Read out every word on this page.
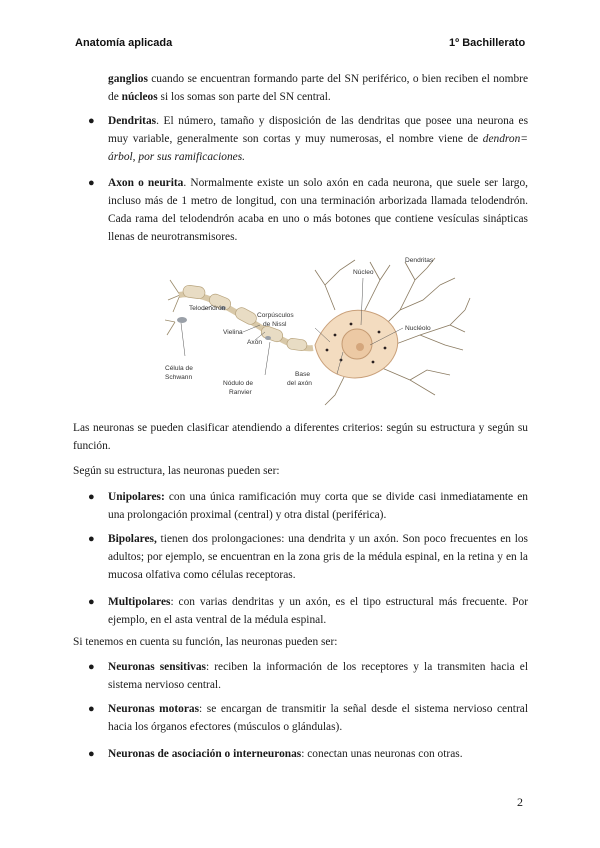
Anatomía aplicada	1º Bachillerato
ganglios cuando se encuentran formando parte del SN periférico, o bien reciben el nombre de núcleos si los somas son parte del SN central.
● Dendritas. El número, tamaño y disposición de las dendritas que posee una neurona es muy variable, generalmente son cortas y muy numerosas, el nombre viene de dendron= árbol, por sus ramificaciones.
● Axon o neurita. Normalmente existe un solo axón en cada neurona, que suele ser largo, incluso más de 1 metro de longitud, con una terminación arborizada llamada telodendrón. Cada rama del telodendrón acaba en uno o más botones que contiene vesículas sinápticas llenas de neurotransmisores.
Telodendrón
Corpúsculos
de Nissl
Vielina
Axón
Célula de
Schwann
Nódulo de
Ranvier
Base
del axón
Núcleo
Dendritas
Nucléolo
Las neuronas se pueden clasificar atendiendo a diferentes criterios: según su estructura y según su función.
Según su estructura, las neuronas pueden ser:
● Unipolares: con una única ramificación muy corta que se divide casi inmediatamente en una prolongación proximal (central) y otra distal (periférica).
● Bipolares, tienen dos prolongaciones: una dendrita y un axón. Son poco frecuentes en los adultos; por ejemplo, se encuentran en la zona gris de la médula espinal, en la retina y en la mucosa olfativa como células receptoras.
● Multipolares: con varias dendritas y un axón, es el tipo estructural más frecuente. Por ejemplo, en el asta ventral de la médula espinal.
Si tenemos en cuenta su función, las neuronas pueden ser:
● Neuronas sensitivas: reciben la información de los receptores y la transmiten hacia el sistema nervioso central.
● Neuronas motoras: se encargan de transmitir la señal desde el sistema nervioso central hacia los órganos efectores (músculos o glándulas).
● Neuronas de asociación o interneuronas: conectan unas neuronas con otras.
2
